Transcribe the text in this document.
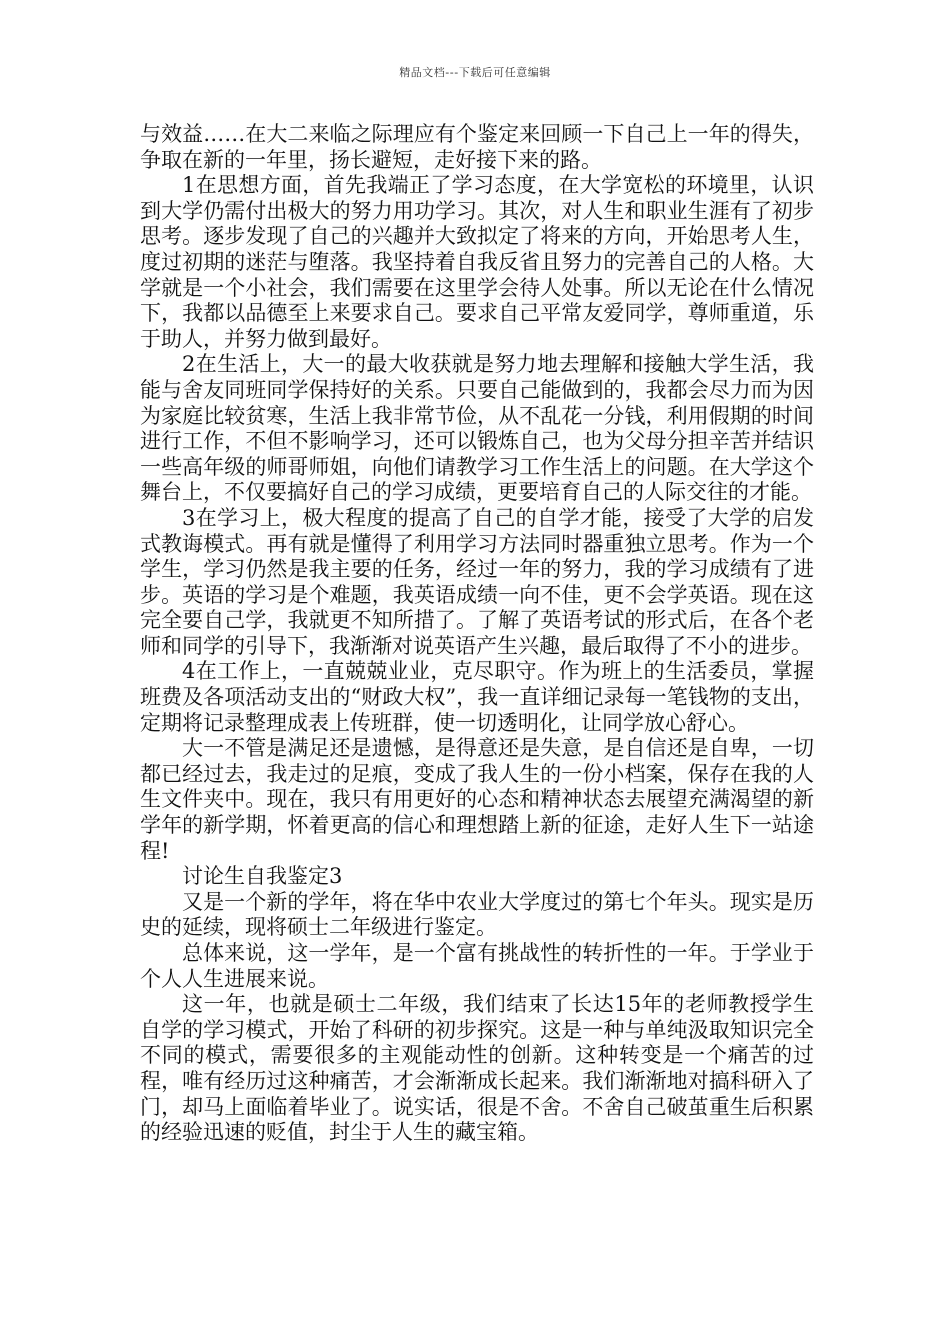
精品文档---下载后可任意编辑

与效益……在大二来临之际理应有个鉴定来回顾一下自己上一年的得失，争取在新的一年里，扬长避短，走好接下来的路。

1在思想方面，首先我端正了学习态度，在大学宽松的环境里，认识到大学仍需付出极大的努力用功学习。其次，对人生和职业生涯有了初步思考。逐步发现了自己的兴趣并大致拟定了将来的方向，开始思考人生，度过初期的迷茫与堕落。我坚持着自我反省且努力的完善自己的人格。大学就是一个小社会，我们需要在这里学会待人处事。所以无论在什么情况下，我都以品德至上来要求自己。要求自己平常友爱同学，尊师重道，乐于助人，并努力做到最好。

2在生活上，大一的最大收获就是努力地去理解和接触大学生活，我能与舍友同班同学保持好的关系。只要自己能做到的，我都会尽力而为因为家庭比较贫寒，生活上我非常节俭，从不乱花一分钱，利用假期的时间进行工作，不但不影响学习，还可以锻炼自己，也为父母分担辛苦并结识一些高年级的师哥师姐，向他们请教学习工作生活上的问题。在大学这个舞台上，不仅要搞好自己的学习成绩，更要培育自己的人际交往的才能。

3在学习上，极大程度的提高了自己的自学才能，接受了大学的启发式教诲模式。再有就是懂得了利用学习方法同时器重独立思考。作为一个学生，学习仍然是我主要的任务，经过一年的努力，我的学习成绩有了进步。英语的学习是个难题，我英语成绩一向不佳，更不会学英语。现在这完全要自己学，我就更不知所措了。了解了英语考试的形式后，在各个老师和同学的引导下，我渐渐对说英语产生兴趣，最后取得了不小的进步。

4在工作上，一直兢兢业业，克尽职守。作为班上的生活委员，掌握班费及各项活动支出的“财政大权”，我一直详细记录每一笔钱物的支出，定期将记录整理成表上传班群，使一切透明化，让同学放心舒心。

大一不管是满足还是遗憾，是得意还是失意，是自信还是自卑，一切都已经过去，我走过的足痕，变成了我人生的一份小档案，保存在我的人生文件夹中。现在，我只有用更好的心态和精神状态去展望充满渴望的新学年的新学期，怀着更高的信心和理想踏上新的征途，走好人生下一站途程!

讨论生自我鉴定3

又是一个新的学年，将在华中农业大学度过的第七个年头。现实是历史的延续，现将硕士二年级进行鉴定。

总体来说，这一学年，是一个富有挑战性的转折性的一年。于学业于个人人生进展来说。

这一年，也就是硕士二年级，我们结束了长达15年的老师教授学生自学的学习模式，开始了科研的初步探究。这是一种与单纯汲取知识完全不同的模式，需要很多的主观能动性的创新。这种转变是一个痛苦的过程，唯有经历过这种痛苦，才会渐渐成长起来。我们渐渐地对搞科研入了门，却马上面临着毕业了。说实话，很是不舍。不舍自己破茧重生后积累的经验迅速的贬值，封尘于人生的藏宝箱。
